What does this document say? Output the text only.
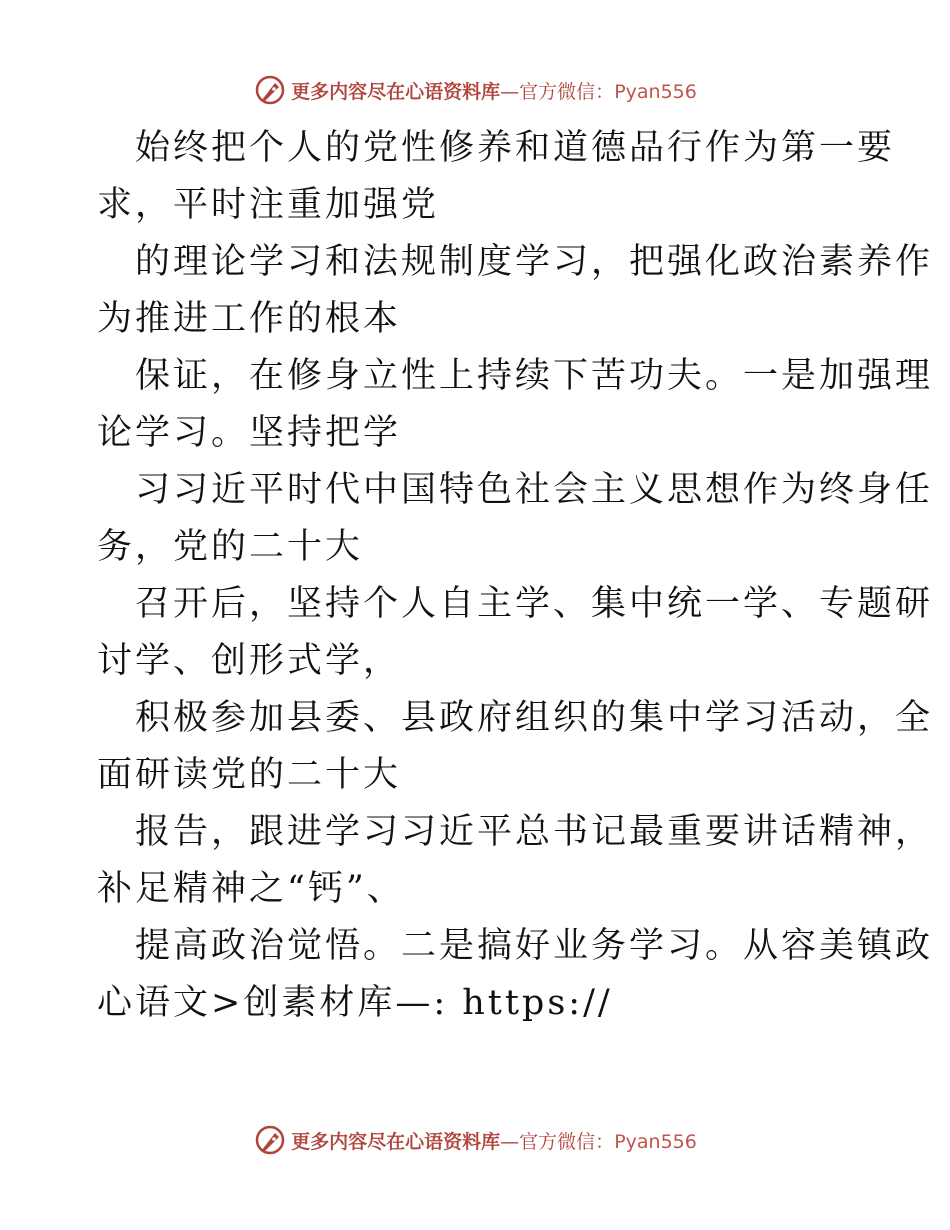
更多内容尽在心语资料库—官方微信：Pyan556
始终把个人的党性修养和道德品行作为第一要
求，平时注重加强党
的理论学习和法规制度学习，把强化政治素养作
为推进工作的根本
保证，在修身立性上持续下苦功夫。一是加强理
论学习。坚持把学
习习近平时代中国特色社会主义思想作为终身任
务，党的二十大
召开后，坚持个人自主学、集中统一学、专题研
讨学、创形式学，
积极参加县委、县政府组织的集中学习活动，全
面研读党的二十大
报告，跟进学习习近平总书记最重要讲话精神，
补足精神之“钙”、
提高政治觉悟。二是搞好业务学习。从容美镇政
心语文>创素材库—: https://
更多内容尽在心语资料库—官方微信：Pyan556
